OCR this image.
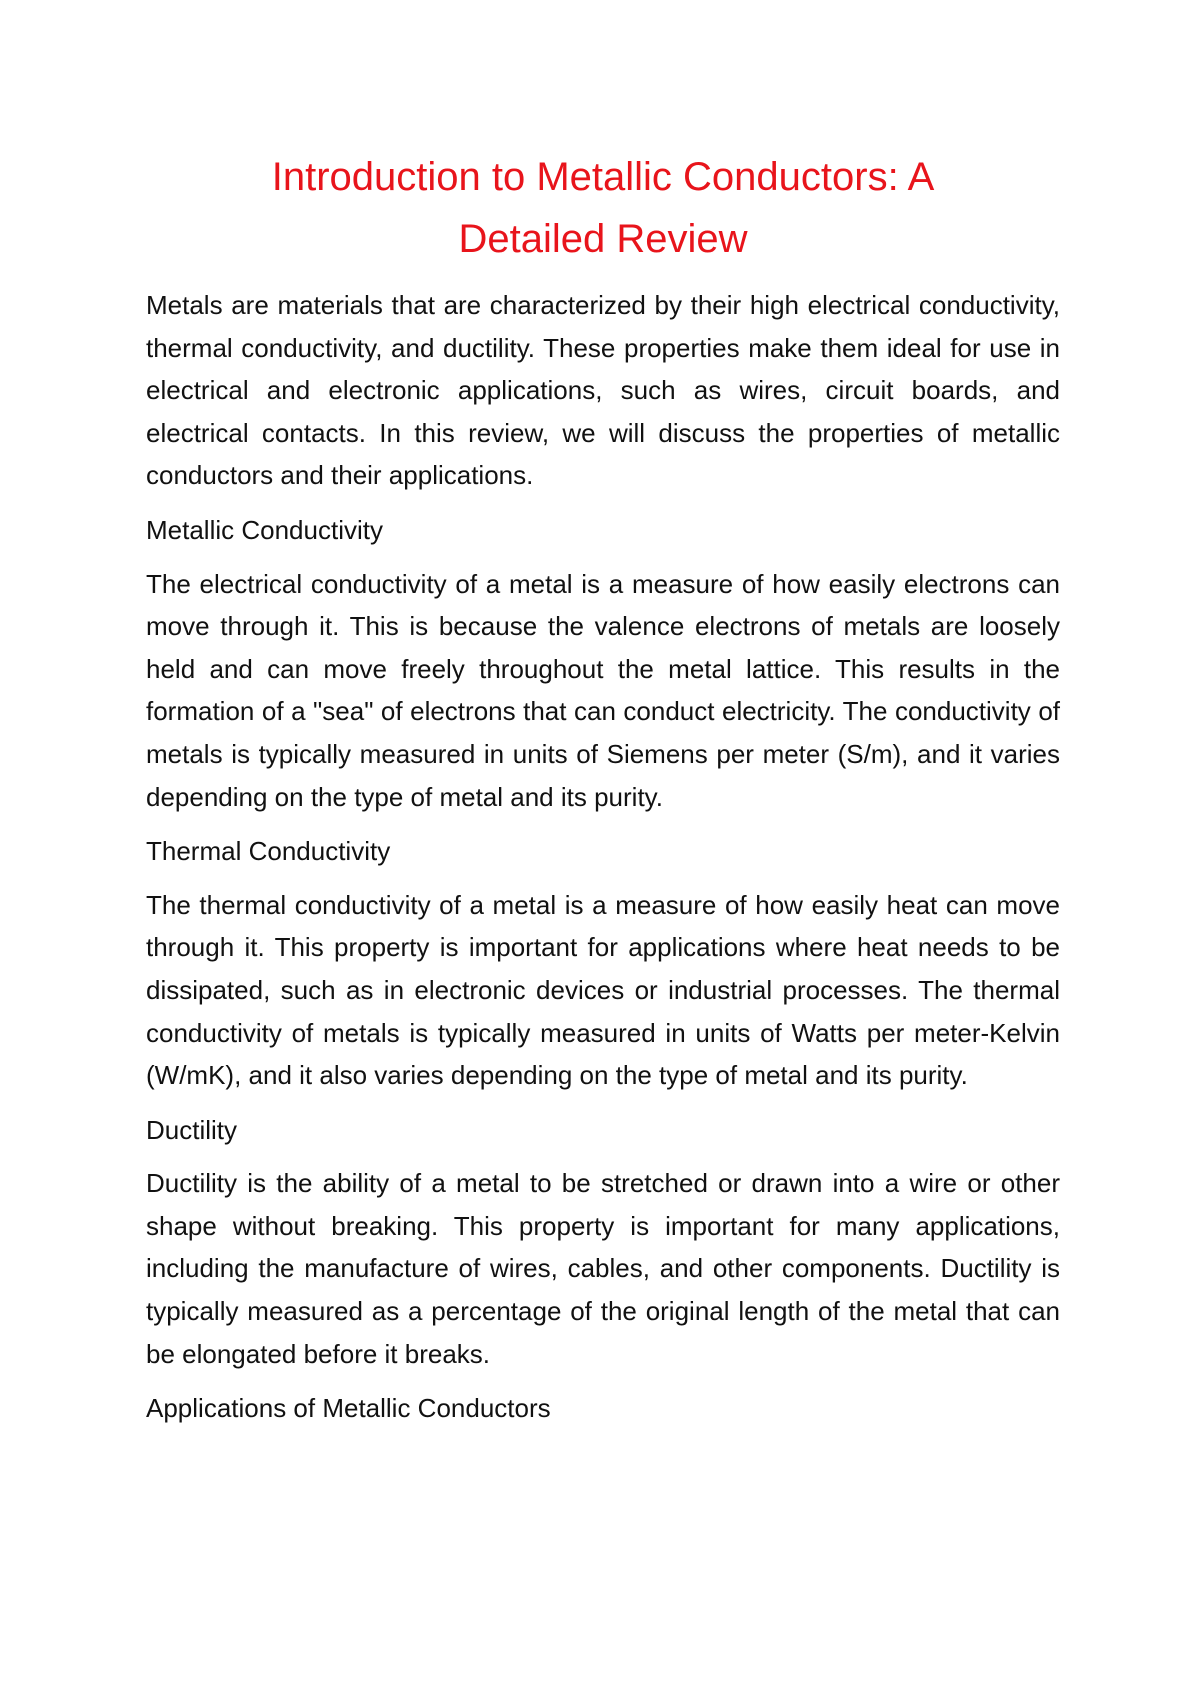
Introduction to Metallic Conductors: A
Detailed Review

Metals are materials that are characterized by their high electrical conductivity, thermal conductivity, and ductility. These properties make them ideal for use in electrical and electronic applications, such as wires, circuit boards, and electrical contacts. In this review, we will discuss the properties of metallic conductors and their applications.

Metallic Conductivity

The electrical conductivity of a metal is a measure of how easily electrons can move through it. This is because the valence electrons of metals are loosely held and can move freely throughout the metal lattice. This results in the formation of a "sea" of electrons that can conduct electricity. The conductivity of metals is typically measured in units of Siemens per meter (S/m), and it varies depending on the type of metal and its purity.

Thermal Conductivity

The thermal conductivity of a metal is a measure of how easily heat can move through it. This property is important for applications where heat needs to be dissipated, such as in electronic devices or industrial processes. The thermal conductivity of metals is typically measured in units of Watts per meter-Kelvin (W/mK), and it also varies depending on the type of metal and its purity.

Ductility

Ductility is the ability of a metal to be stretched or drawn into a wire or other shape without breaking. This property is important for many applications, including the manufacture of wires, cables, and other components. Ductility is typically measured as a percentage of the original length of the metal that can be elongated before it breaks.

Applications of Metallic Conductors
